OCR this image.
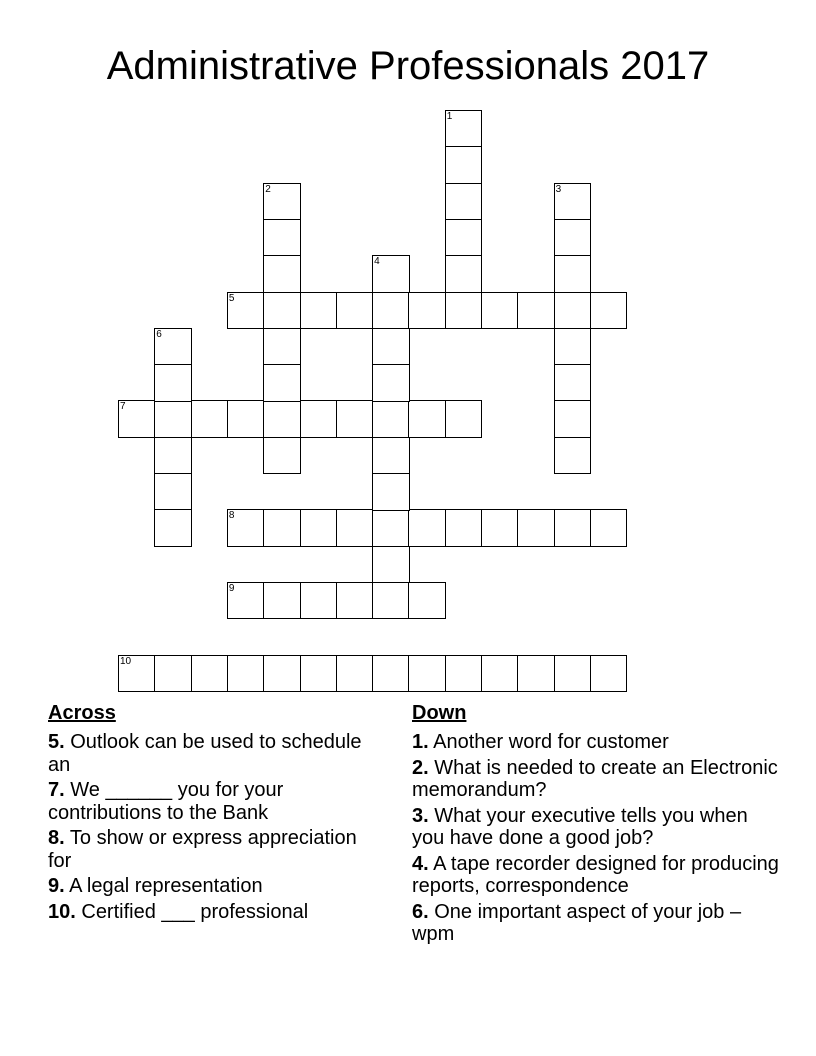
Administrative Professionals 2017
5
7
8
9
10
1
2	3
4
6
Across
5. Outlook can be used to schedule an
7. We ______ you for your contributions to the Bank
8. To show or express appreciation for
9. A legal representation
10. Certified ___ professional
Down
1. Another word for customer
2. What is needed to create an Electronic memorandum?
3. What your executive tells you when you have done a good job?
4. A tape recorder designed for producing reports, correspondence
6. One important aspect of your job – wpm
